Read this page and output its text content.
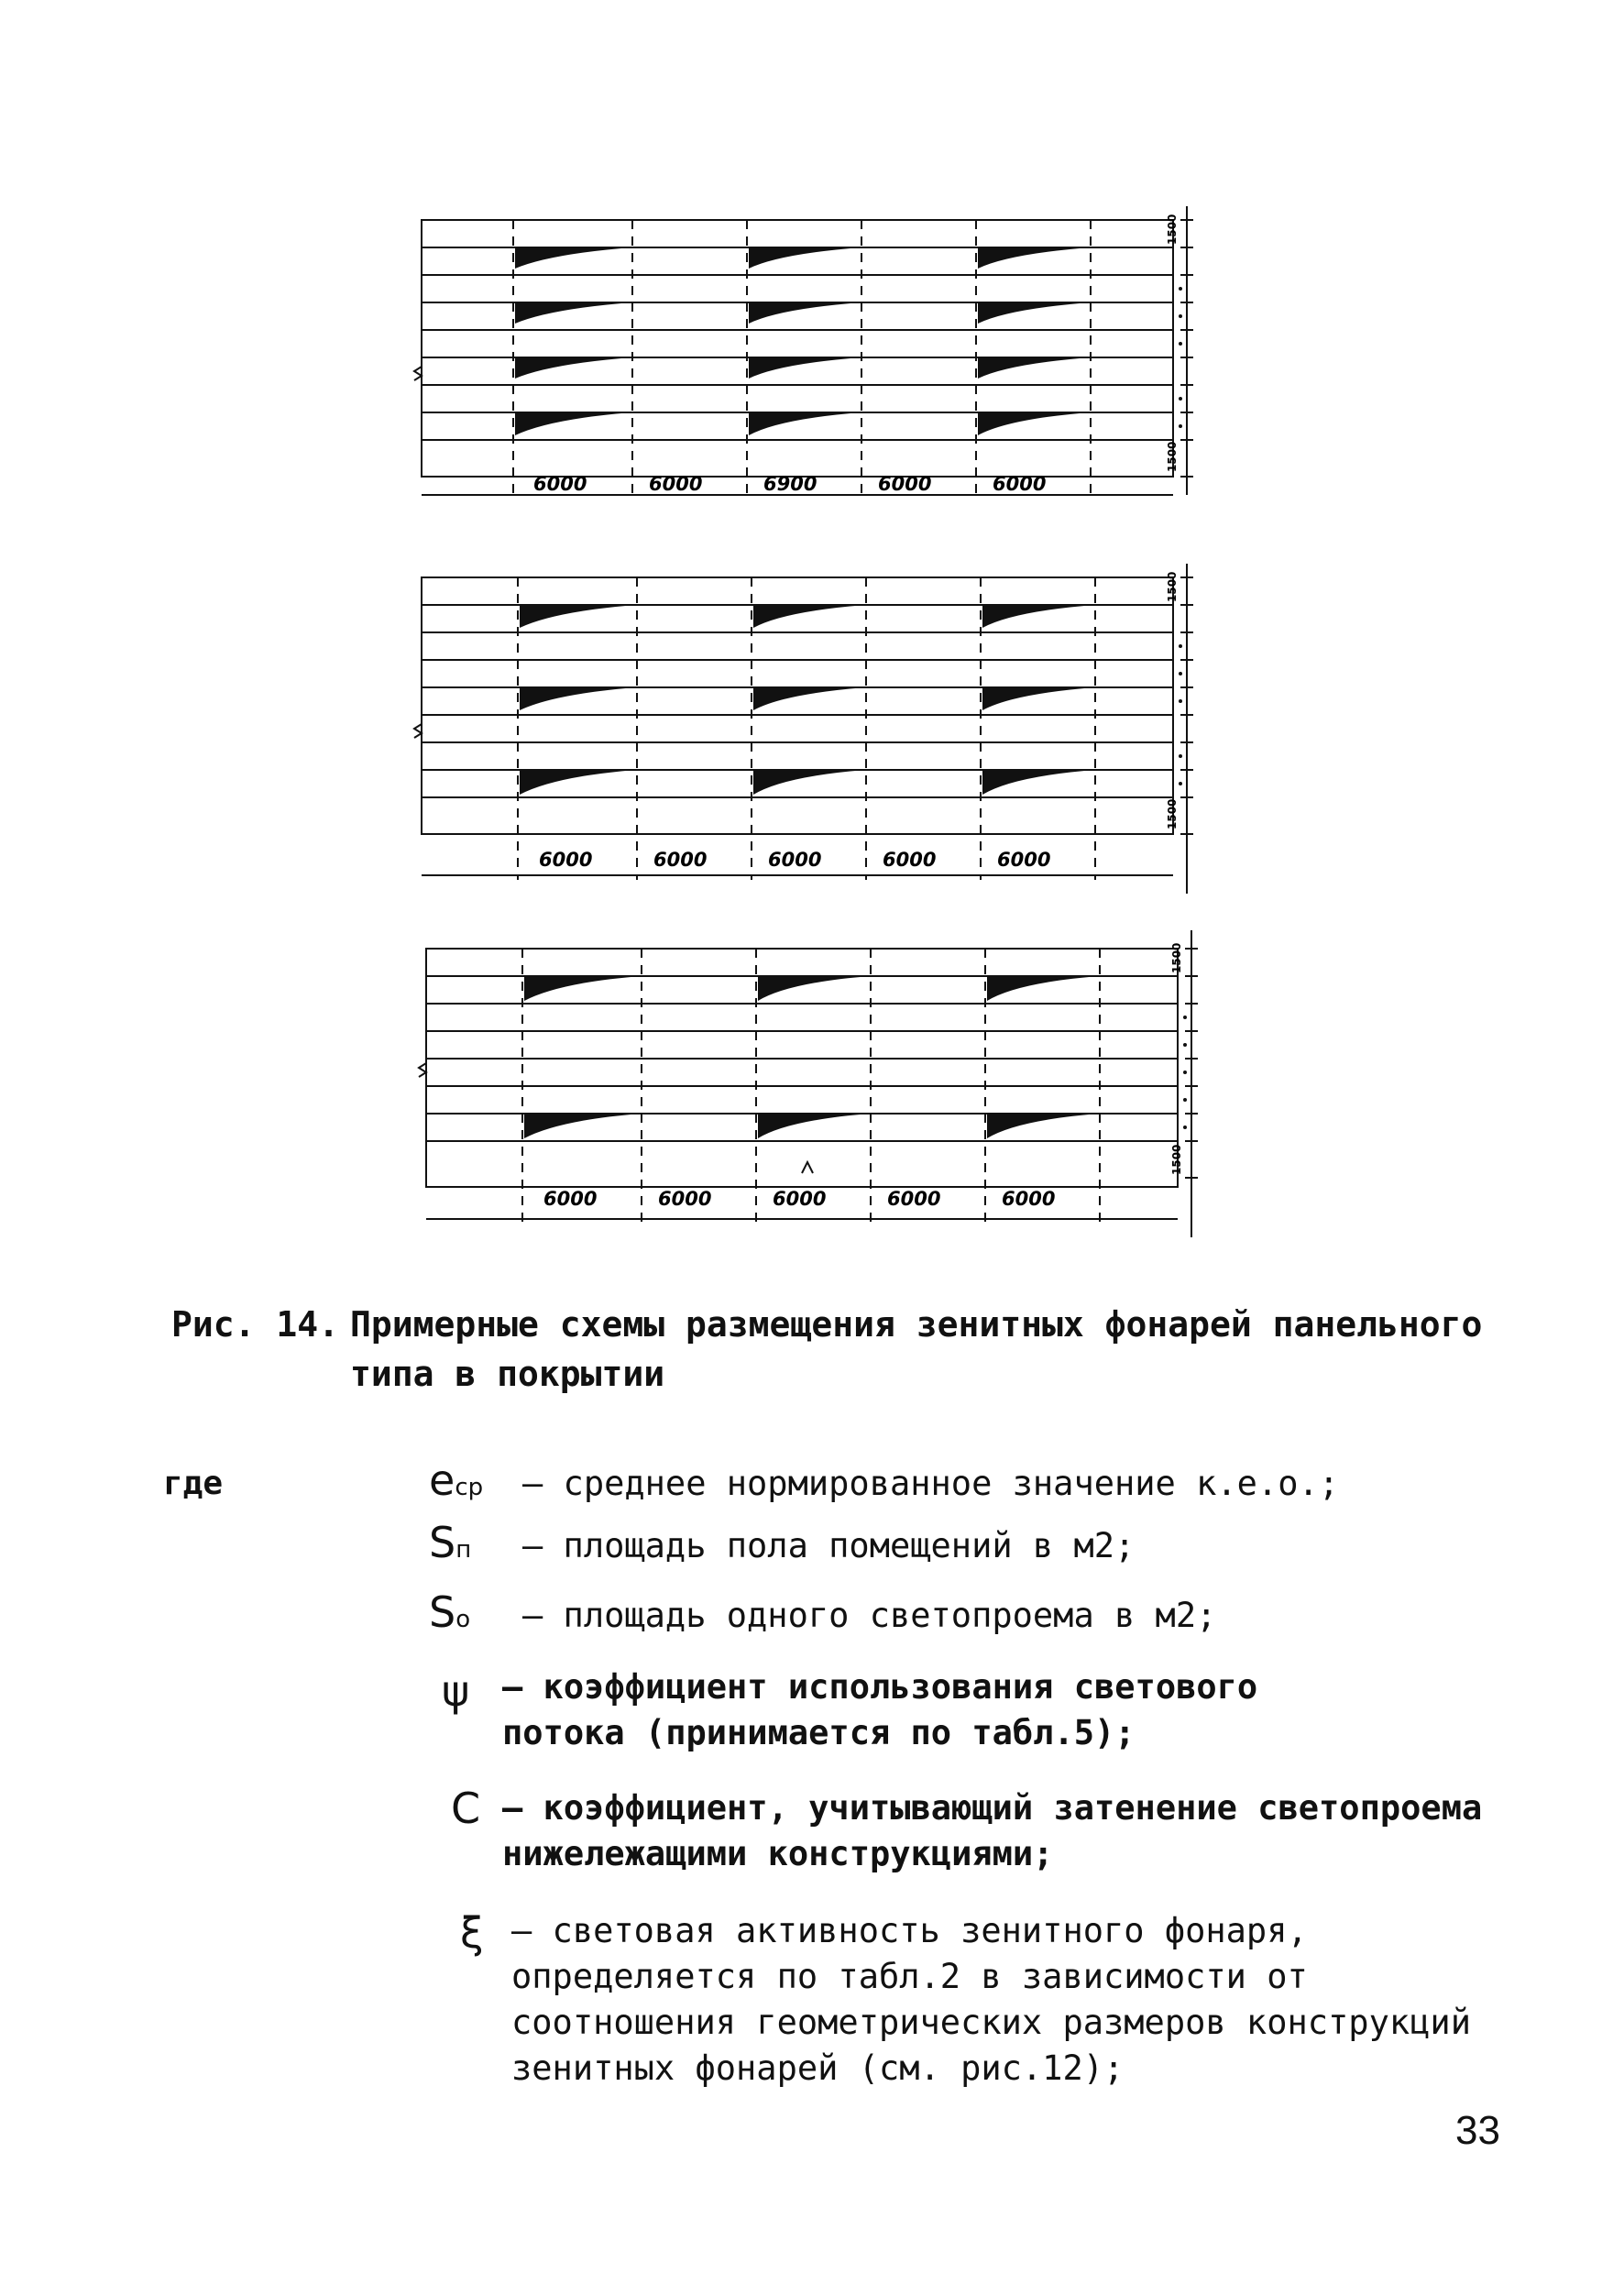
1500
1500
6000	6000	6900	6000	6000
1500
1500
6000	6000	6000	6000	6000
1500
1500
6000	6000	6000	6000	6000
Рис. 14. Примерные схемы размещения зенитных фонарей панельного типа в покрытии
где	eср – среднее нормированное значение к.е.о.;
Sп – площадь пола помещений в м2;
Sо – площадь одного светопроема в м2;
ψ – коэффициент использования светового потока (принимается по табл.5);
С – коэффициент, учитывающий затенение светопроема нижележащими конструкциями;
ξ – световая активность зенитного фонаря, определяется по табл.2 в зависимости от соотношения геометрических размеров конструкций зенитных фонарей (см. рис.12);
33
